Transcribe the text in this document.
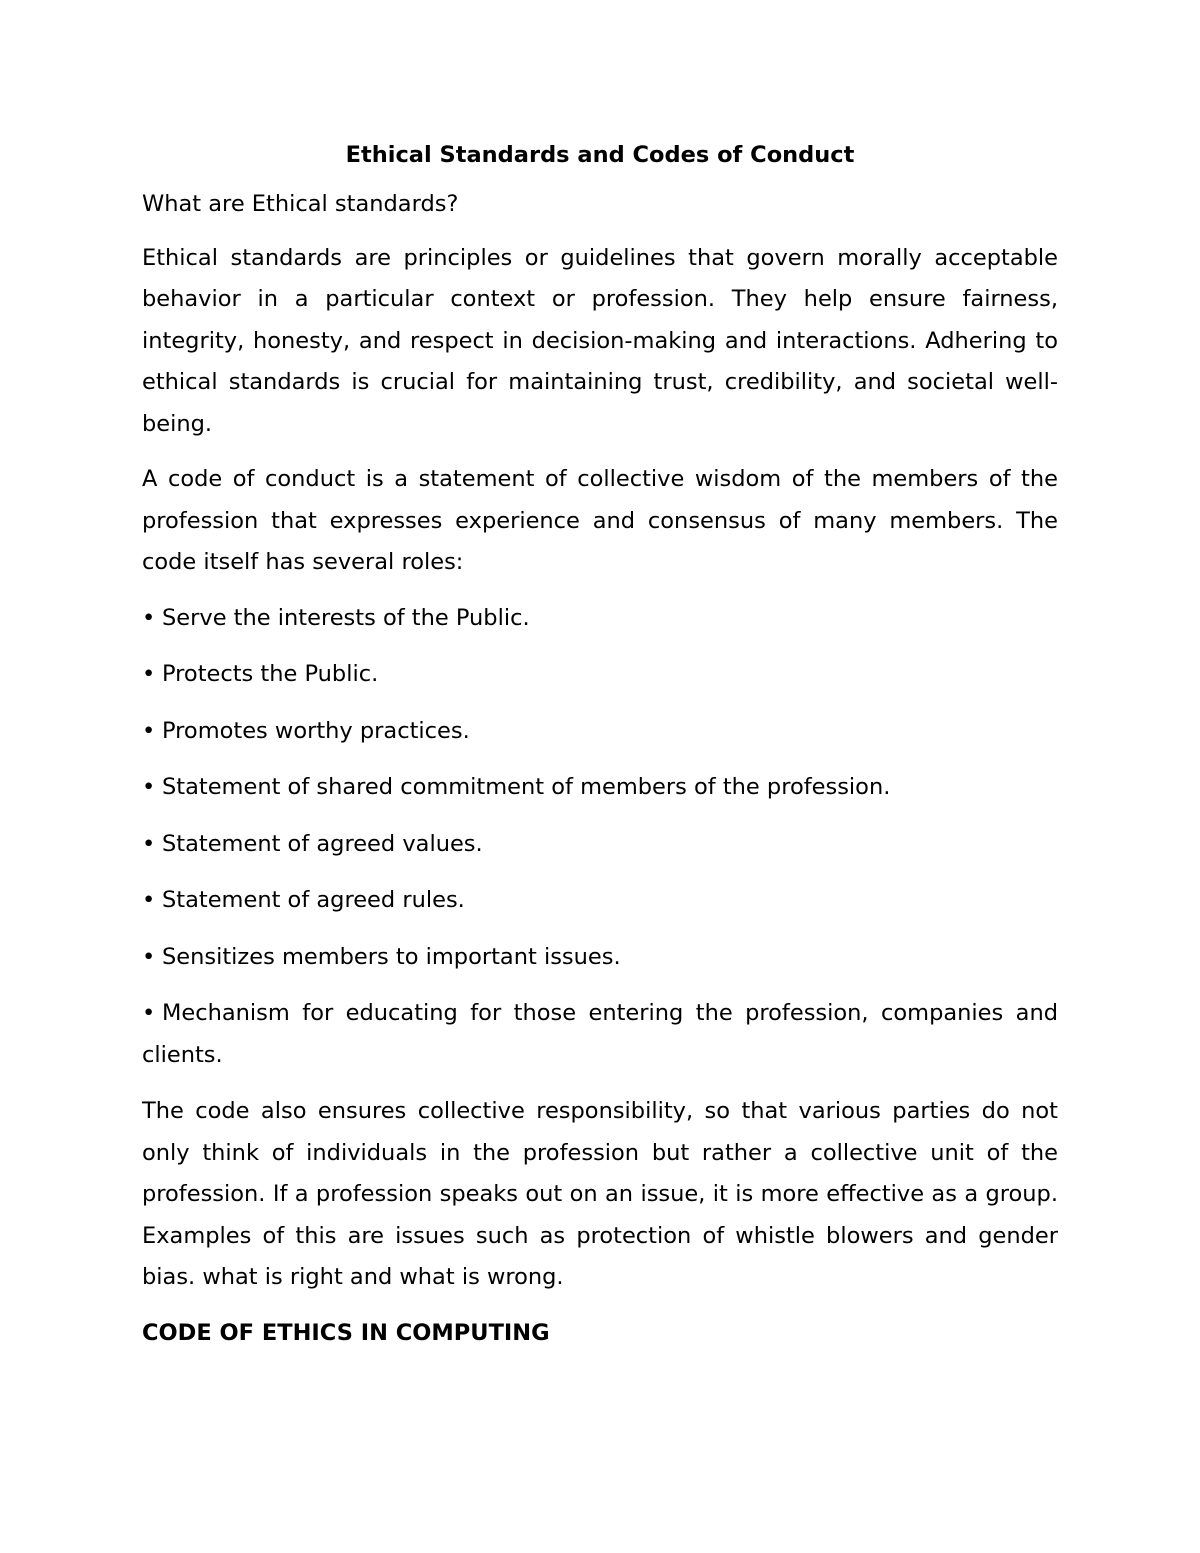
Ethical Standards and Codes of Conduct

What are Ethical standards?

Ethical standards are principles or guidelines that govern morally acceptable behavior in a particular context or profession. They help ensure fairness, integrity, honesty, and respect in decision-making and interactions. Adhering to ethical standards is crucial for maintaining trust, credibility, and societal well-being.

A code of conduct is a statement of collective wisdom of the members of the profession that expresses experience and consensus of many members. The code itself has several roles:

• Serve the interests of the Public.
• Protects the Public.
• Promotes worthy practices.
• Statement of shared commitment of members of the profession.
• Statement of agreed values.
• Statement of agreed rules.
• Sensitizes members to important issues.
• Mechanism for educating for those entering the profession, companies and clients.

The code also ensures collective responsibility, so that various parties do not only think of individuals in the profession but rather a collective unit of the profession. If a profession speaks out on an issue, it is more effective as a group. Examples of this are issues such as protection of whistle blowers and gender bias. what is right and what is wrong.

CODE OF ETHICS IN COMPUTING
